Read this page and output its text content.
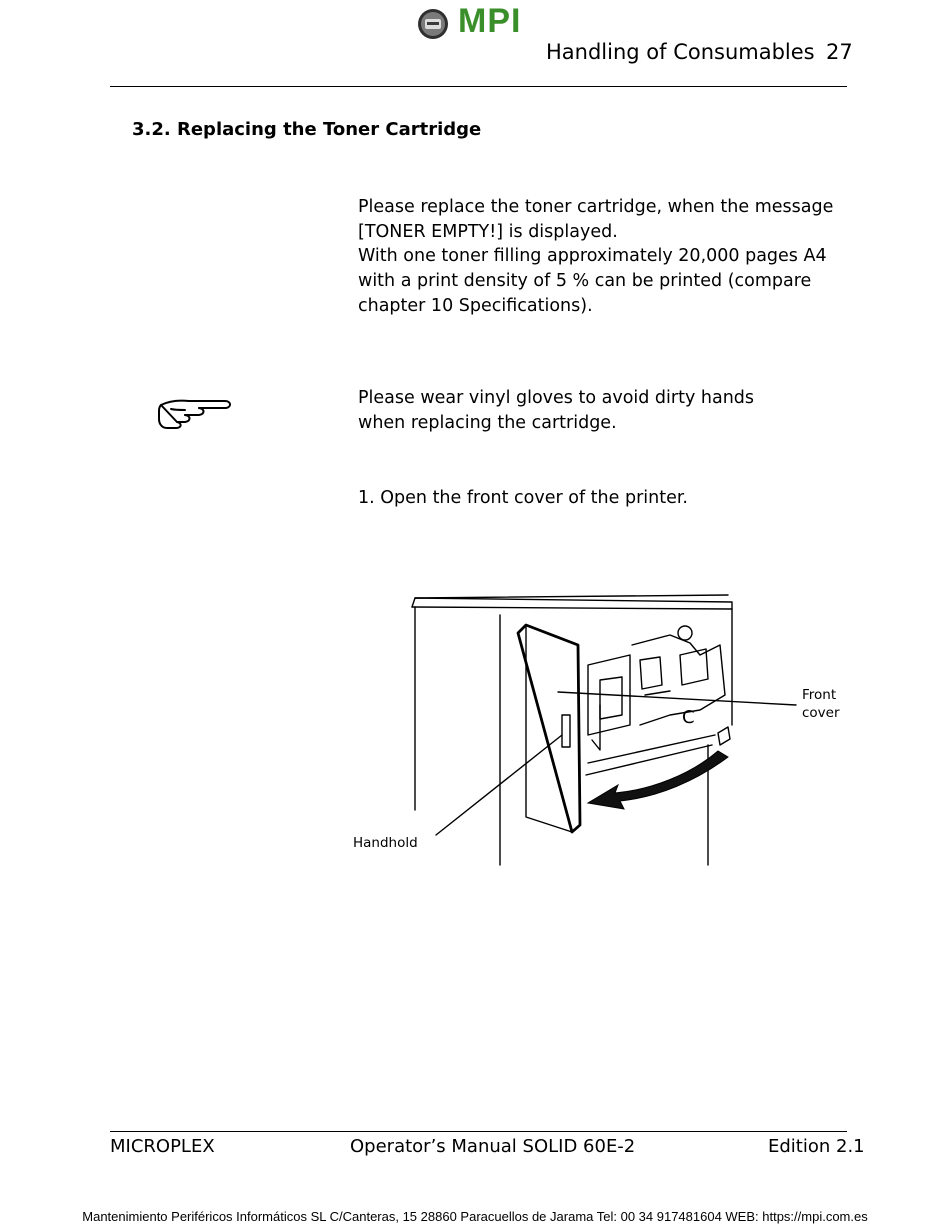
MPI
Handling of Consumables 27
3.2. Replacing the Toner Cartridge
Please replace the toner cartridge, when the message [TONER EMPTY!] is displayed.
With one toner filling approximately 20,000 pages A4 with a print density of 5 % can be printed (compare chapter 10 Specifications).
Please wear vinyl gloves to avoid dirty hands when replacing the cartridge.
1. Open the front cover of the printer.
C
Front cover
Handhold
MICROPLEX	Operator’s Manual SOLID 60E-2	Edition 2.1
Mantenimiento Periféricos Informáticos SL C/Canteras, 15 28860 Paracuellos de Jarama Tel: 00 34 917481604 WEB: https://mpi.com.es
